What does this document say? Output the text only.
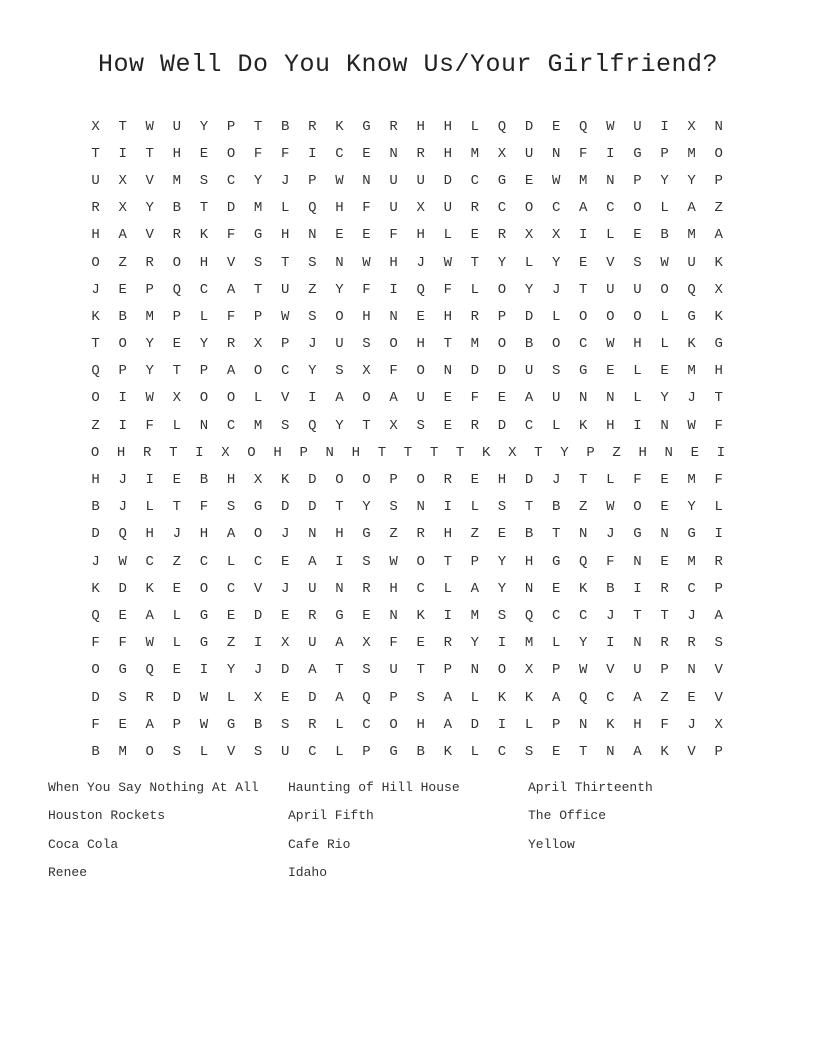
How Well Do You Know Us/Your Girlfriend?
X	T	W	U	Y	P	T	B	R	K	G	R	H	H	L	Q	D	E	Q	W	U	I	X	N
T	I	T	H	E	O	F	F	I	C	E	N	R	H	M	X	U	N	F	I	G	P	M	O
U	X	V	M	S	C	Y	J	P	W	N	U	U	D	C	G	E	W	M	N	P	Y	Y	P
R	X	Y	B	T	D	M	L	Q	H	F	U	X	U	R	C	O	C	A	C	O	L	A	Z
H	A	V	R	K	F	G	H	N	E	E	F	H	L	E	R	X	X	I	L	E	B	M	A
O	Z	R	O	H	V	S	T	S	N	W	H	J	W	T	Y	L	Y	E	V	S	W	U	K
J	E	P	Q	C	A	T	U	Z	Y	F	I	Q	F	L	O	Y	J	T	U	U	O	Q	X
K	B	M	P	L	F	P	W	S	O	H	N	E	H	R	P	D	L	O	O	O	L	G	K
T	O	Y	E	Y	R	X	P	J	U	S	O	H	T	M	O	B	O	C	W	H	L	K	G
Q	P	Y	T	P	A	O	C	Y	S	X	F	O	N	D	D	U	S	G	E	L	E	M	H
O	I	W	X	O	O	L	V	I	A	O	A	U	E	F	E	A	U	N	N	L	Y	J	T
Z	I	F	L	N	C	M	S	Q	Y	T	X	S	E	R	D	C	L	K	H	I	N	W	F
O	H	R	T	I	X	O	H	P	N	H	T	T	T	T	K	X	T	Y	P	Z	H	N	E	I
H	J	I	E	B	H	X	K	D	O	O	P	O	R	E	H	D	J	T	L	F	E	M	F
B	J	L	T	F	S	G	D	D	T	Y	S	N	I	L	S	T	B	Z	W	O	E	Y	L
D	Q	H	J	H	A	O	J	N	H	G	Z	R	H	Z	E	B	T	N	J	G	N	G	I
J	W	C	Z	C	L	C	E	A	I	S	W	O	T	P	Y	H	G	Q	F	N	E	M	R
K	D	K	E	O	C	V	J	U	N	R	H	C	L	A	Y	N	E	K	B	I	R	C	P
Q	E	A	L	G	E	D	E	R	G	E	N	K	I	M	S	Q	C	C	J	T	T	J	A
F	F	W	L	G	Z	I	X	U	A	X	F	E	R	Y	I	M	L	Y	I	N	R	R	S
O	G	Q	E	I	Y	J	D	A	T	S	U	T	P	N	O	X	P	W	V	U	P	N	V
D	S	R	D	W	L	X	E	D	A	Q	P	S	A	L	K	K	A	Q	C	A	Z	E	V
F	E	A	P	W	G	B	S	R	L	C	O	H	A	D	I	L	P	N	K	H	F	J	X
B	M	O	S	L	V	S	U	C	L	P	G	B	K	L	C	S	E	T	N	A	K	V	P
When You Say Nothing At All	Haunting of Hill House	April Thirteenth
Houston Rockets	April Fifth	The Office
Coca Cola	Cafe Rio	Yellow
Renee	Idaho
